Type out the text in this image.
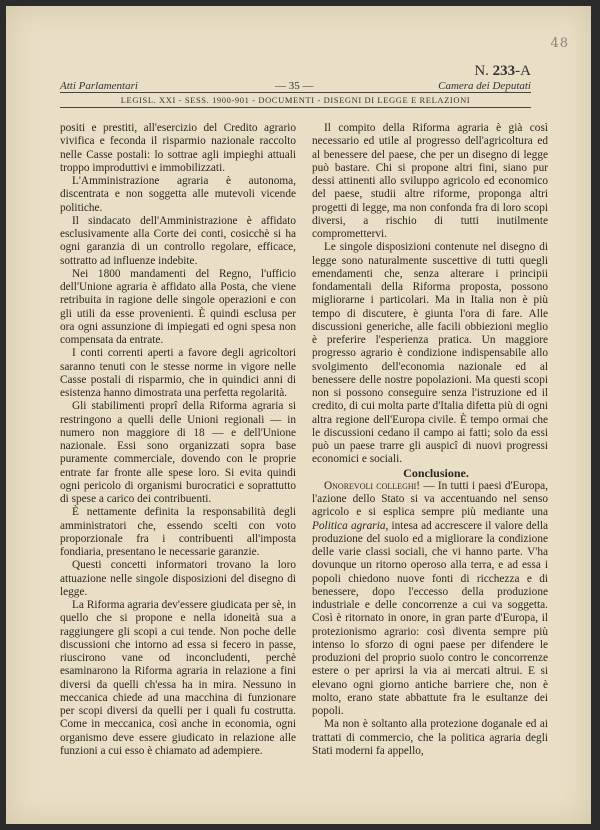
48
Atti Parlamentari	— 35 —
N. 233-A
Camera dei Deputati
LEGISL. XXI - SESS. 1900-901 - DOCUMENTI - DISEGNI DI LEGGE E RELAZIONI

positi e prestiti, all'esercizio del Credito agrario vivifica e feconda il risparmio nazionale raccolto nelle Casse postali: lo sottrae agli impieghi attuali troppo improduttivi e immobilizzati.

L'Amministrazione agraria è autonoma, discentrata e non soggetta alle mutevoli vicende politiche.

Il sindacato dell'Amministrazione è affidato esclusivamente alla Corte dei conti, cosicchè si ha ogni garanzia di un controllo regolare, efficace, sottratto ad influenze indebite.

Nei 1800 mandamenti del Regno, l'ufficio dell'Unione agraria è affidato alla Posta, che viene retribuita in ragione delle singole operazioni e con gli utili da esse provenienti. È quindi esclusa per ora ogni assunzione di impiegati ed ogni spesa non compensata da entrate.

I conti correnti aperti a favore degli agricoltori saranno tenuti con le stesse norme in vigore nelle Casse postali di risparmio, che in quindici anni di esistenza hanno dimostrata una perfetta regolarità.

Gli stabilimenti proprî della Riforma agraria si restringono a quelli delle Unioni regionali — in numero non maggiore di 18 — e dell'Unione nazionale. Essi sono organizzati sopra base puramente commerciale, dovendo con le proprie entrate far fronte alle spese loro. Si evita quindi ogni pericolo di organismi burocratici e soprattutto di spese a carico dei contribuenti.

È nettamente definita la responsabilità degli amministratori che, essendo scelti con voto proporzionale fra i contribuenti all'imposta fondiaria, presentano le necessarie garanzie.

Questi concetti informatori trovano la loro attuazione nelle singole disposizioni del disegno di legge.

La Riforma agraria dev'essere giudicata per sè, in quello che si propone e nella idoneità sua a raggiungere gli scopi a cui tende. Non poche delle discussioni che intorno ad essa si fecero in passe, riuscirono vane od inconcludenti, perchè esaminarono la Riforma agraria in relazione a fini diversi da quelli ch'essa ha in mira. Nessuno in meccanica chiede ad una macchina di funzionare per scopi diversi da quelli per i quali fu costrutta. Come in meccanica, così anche in economia, ogni organismo deve essere giudicato in relazione alle funzioni a cui esso è chiamato ad adempiere.

Il compito della Riforma agraria è già così necessario ed utile al progresso dell'agricoltura ed al benessere del paese, che per un disegno di legge può bastare. Chi si propone altri fini, siano pur dessi attinenti allo sviluppo agricolo ed economico del paese, studii altre riforme, proponga altri progetti di legge, ma non confonda fra di loro scopi diversi, a rischio di tutti inutilmente compromettervi.

Le singole disposizioni contenute nel disegno di legge sono naturalmente suscettive di tutti quegli emendamenti che, senza alterare i principii fondamentali della Riforma proposta, possono migliorarne i particolari. Ma in Italia non è più tempo di discutere, è giunta l'ora di fare. Alle discussioni generiche, alle facili obbiezioni meglio è preferire l'esperienza pratica. Un maggiore progresso agrario è condizione indispensabile allo svolgimento dell'economia nazionale ed al benessere delle nostre popolazioni. Ma questi scopi non si possono conseguire senza l'istruzione ed il credito, di cui molta parte d'Italia difetta più di ogni altra regione dell'Europa civile. È tempo ormai che le discussioni cedano il campo ai fatti; solo da essi può un paese trarre gli auspicî di nuovi progressi economici e sociali.

Conclusione.

Onorevoli colleghi! — In tutti i paesi d'Europa, l'azione dello Stato si va accentuando nel senso agricolo e si esplica sempre più mediante una Politica agraria, intesa ad accrescere il valore della produzione del suolo ed a migliorare la condizione delle varie classi sociali, che vi hanno parte. V'ha dovunque un ritorno operoso alla terra, e ad essa i popoli chiedono nuove fonti di ricchezza e di benessere, dopo l'eccesso della produzione industriale e delle concorrenze a cui va soggetta. Così è ritornato in onore, in gran parte d'Europa, il protezionismo agrario: così diventa sempre più intenso lo sforzo di ogni paese per difendere le produzioni del proprio suolo contro le concorrenze estere o per aprirsi la via ai mercati altrui. E si elevano ogni giorno antiche barriere che, non è molto, erano state abbattute fra le esultanze dei popoli.

Ma non è soltanto alla protezione doganale ed ai trattati di commercio, che la politica agraria degli Stati moderni fa appello,
